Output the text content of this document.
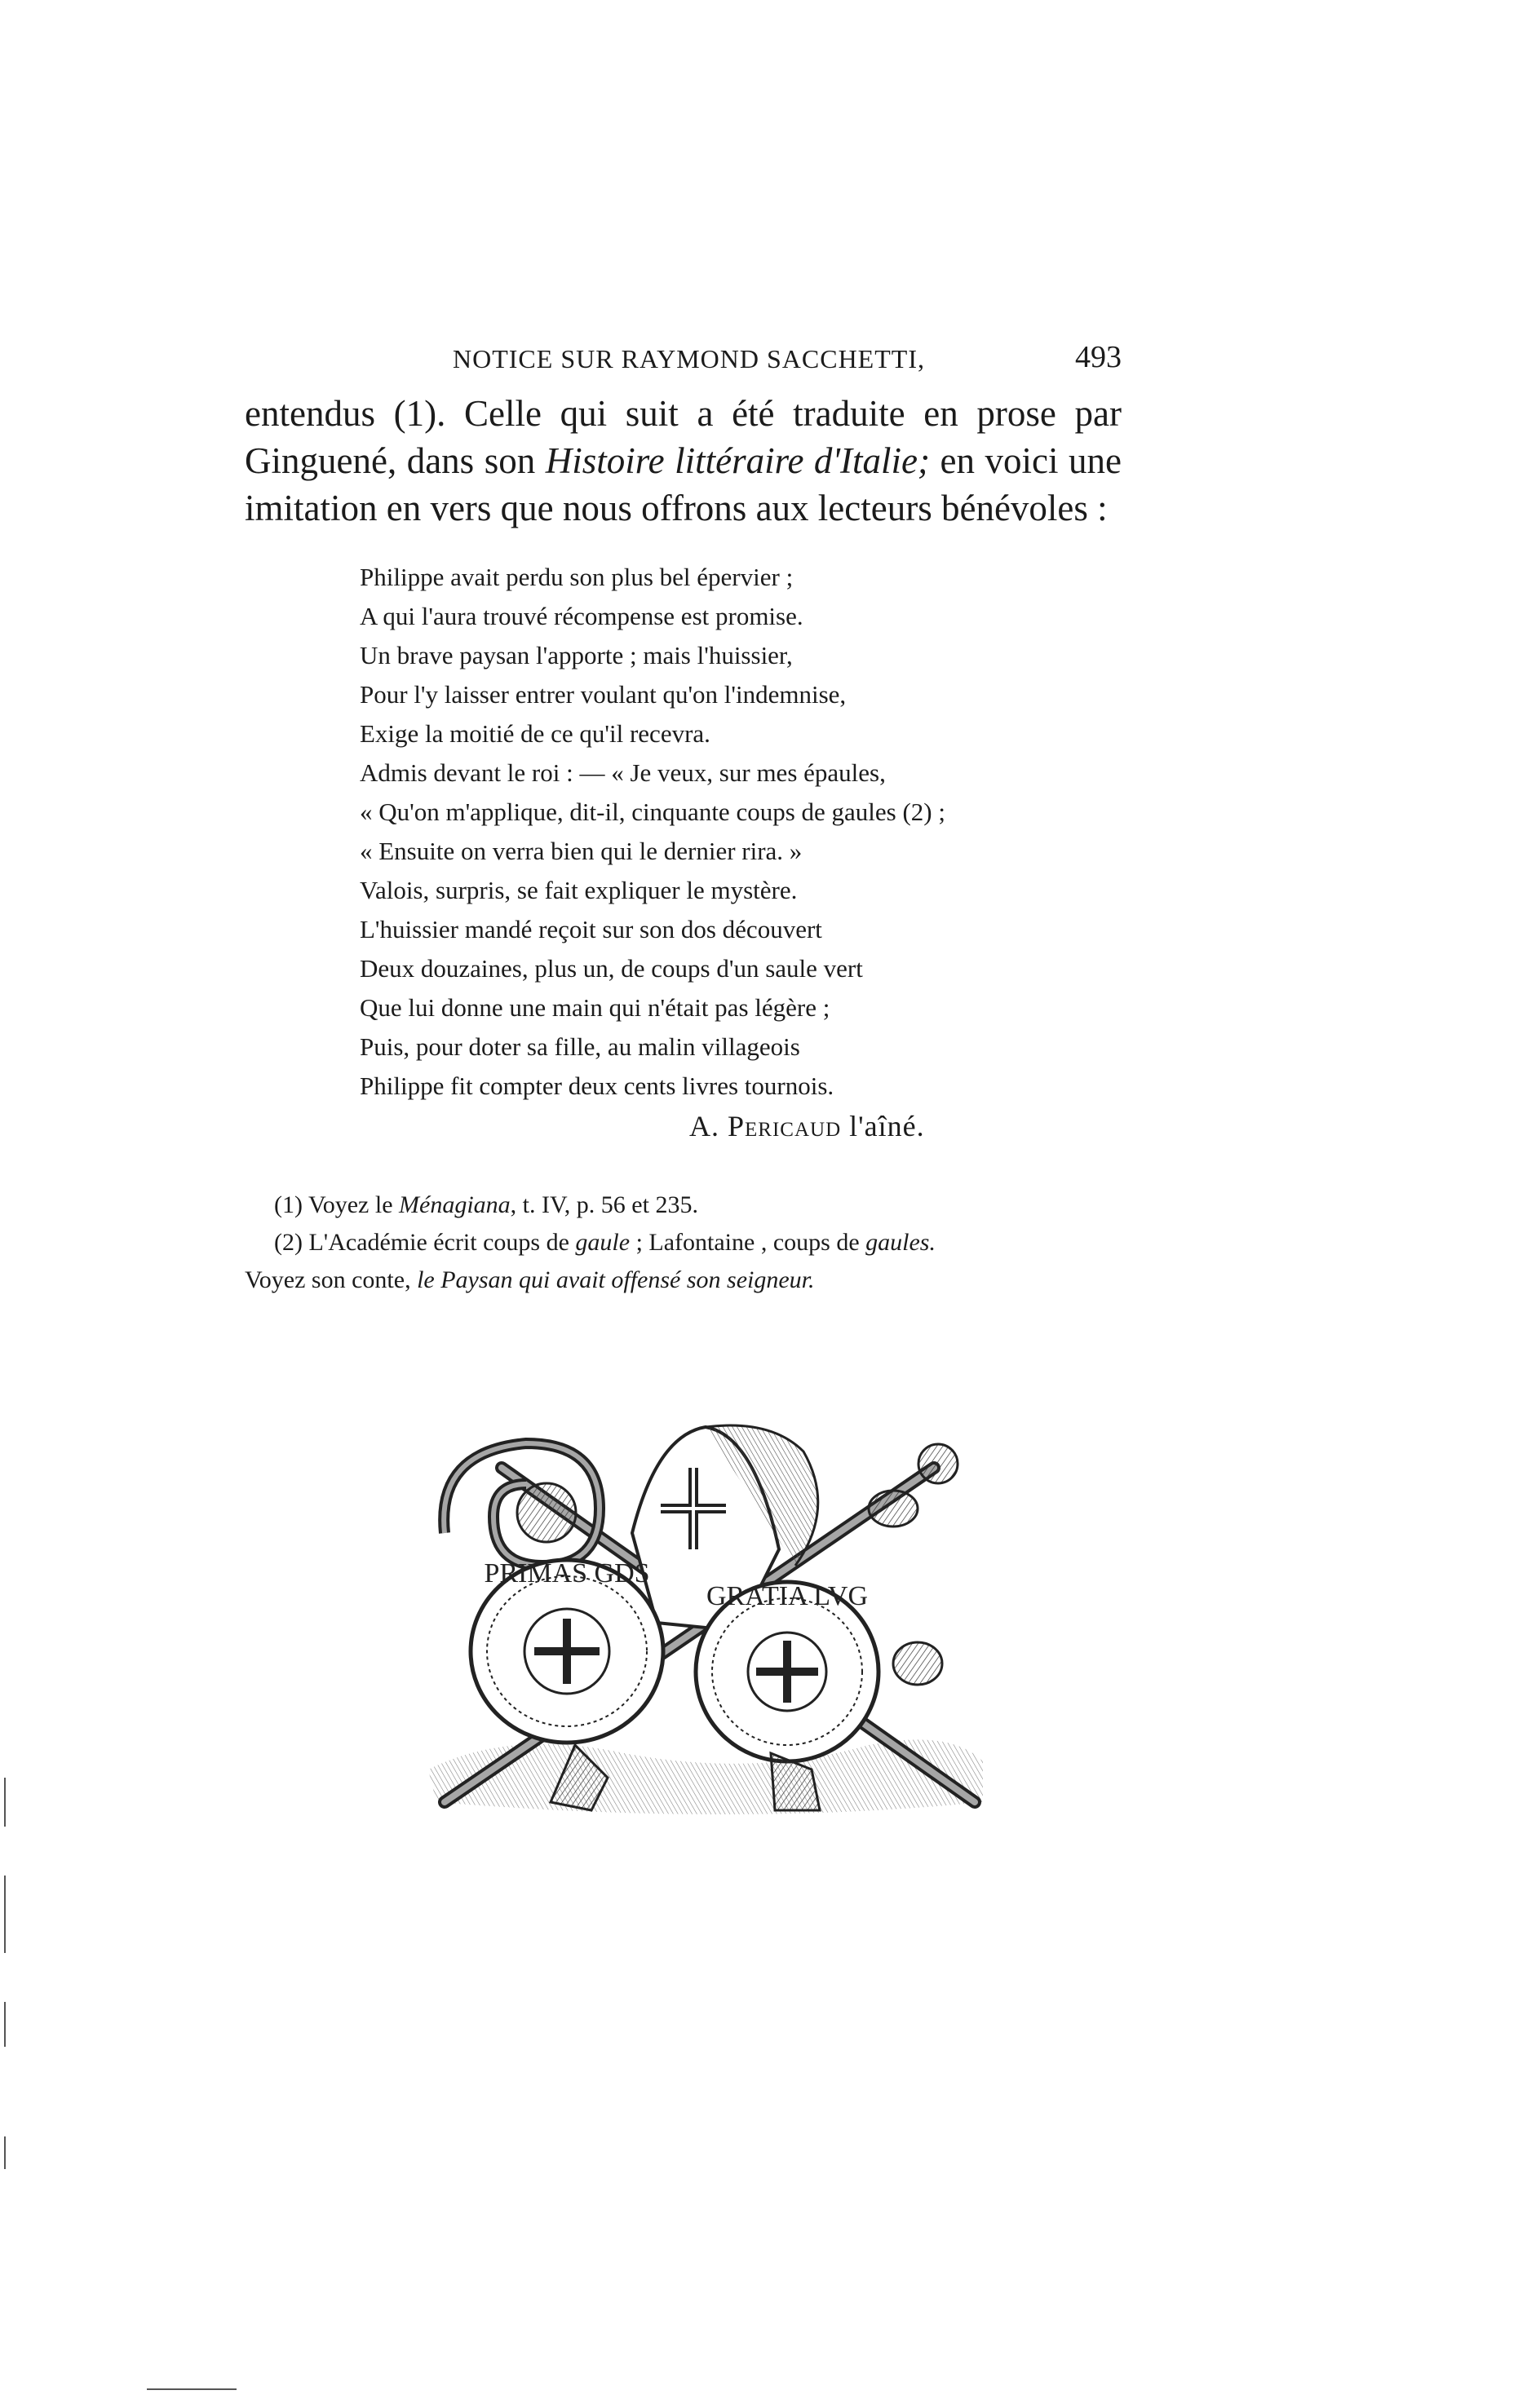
NOTICE SUR RAYMOND SACCHETTI,	493
entendus (1). Celle qui suit a été traduite en prose par
Ginguené, dans son Histoire littéraire d'Italie; en voici une
imitation en vers que nous offrons aux lecteurs bénévoles :
Philippe avait perdu son plus bel épervier ;
A qui l'aura trouvé récompense est promise.
Un brave paysan l'apporte ; mais l'huissier,
Pour l'y laisser entrer voulant qu'on l'indemnise,
Exige la moitié de ce qu'il recevra.
Admis devant le roi : — « Je veux, sur mes épaules,
« Qu'on m'applique, dit-il, cinquante coups de gaules (2) ;
« Ensuite on verra bien qui le dernier rira. »
Valois, surpris, se fait expliquer le mystère.
L'huissier mandé reçoit sur son dos découvert
Deux douzaines, plus un, de coups d'un saule vert
Que lui donne une main qui n'était pas légère ;
Puis, pour doter sa fille, au malin villageois
Philippe fit compter deux cents livres tournois.
A. Pericaud l'aîné.
(1) Voyez le Ménagiana, t. IV, p. 56 et 235.
(2) L'Académie écrit coups de gaule ; Lafontaine , coups de gaules.
Voyez son conte, le Paysan qui avait offensé son seigneur.
PRIMAS GDS
GRATIA LVG
